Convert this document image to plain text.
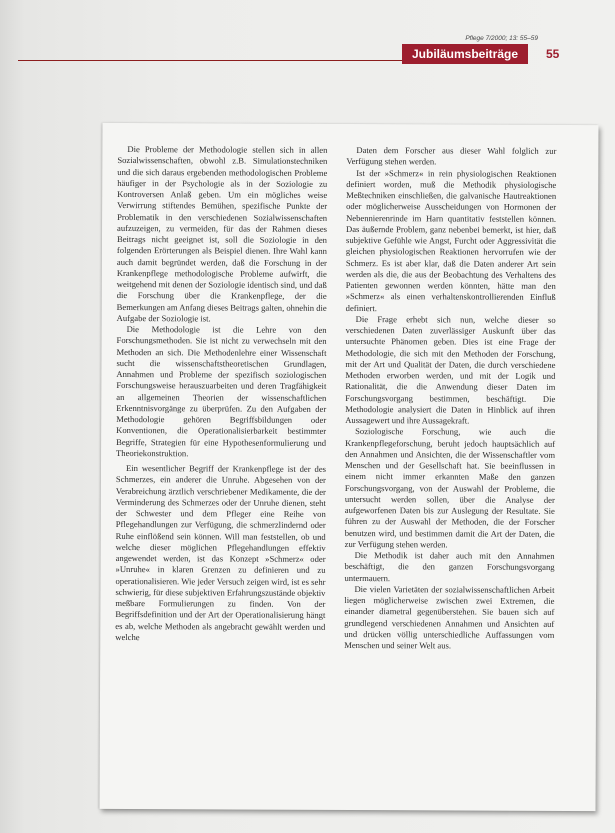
Pflege 7/2000; 13: 55–59
Jubiläumsbeiträge	55

Die Probleme der Methodologie stellen sich in allen Sozialwissenschaften, obwohl z.B. Simulationstechniken und die sich daraus ergebenden methodologischen Probleme häufiger in der Psychologie als in der Soziologie zu Kontroversen Anlaß geben. Um ein mögliches weise Verwirrung stiftendes Bemühen, spezifische Punkte der Problematik in den verschiedenen Sozialwissenschaften aufzuzeigen, zu vermeiden, für das der Rahmen dieses Beitrags nicht geeignet ist, soll die Soziologie in den folgenden Erörterungen als Beispiel dienen. Ihre Wahl kann auch damit begründet werden, daß die Forschung in der Krankenpflege methodologische Probleme aufwirft, die weitgehend mit denen der Soziologie identisch sind, und daß die Forschung über die Krankenpflege, der die Bemerkungen am Anfang dieses Beitrags galten, ohnehin die Aufgabe der Soziologie ist.

Die Methodologie ist die Lehre von den Forschungsmethoden. Sie ist nicht zu verwechseln mit den Methoden an sich. Die Methodenlehre einer Wissenschaft sucht die wissenschaftstheoretischen Grundlagen, Annahmen und Probleme der spezifisch soziologischen Forschungsweise herauszuarbeiten und deren Tragfähigkeit an allgemeinen Theorien der wissenschaftlichen Erkenntnisvorgänge zu überprüfen. Zu den Aufgaben der Methodologie gehören Begriffsbildungen oder Konventionen, die Operationalisierbarkeit bestimmter Begriffe, Strategien für eine Hypothesenformulierung und Theoriekonstruktion.

Ein wesentlicher Begriff der Krankenpflege ist der des Schmerzes, ein anderer die Unruhe. Abgesehen von der Verabreichung ärztlich verschriebener Medikamente, die der Verminderung des Schmerzes oder der Unruhe dienen, steht der Schwester und dem Pfleger eine Reihe von Pflegehandlungen zur Verfügung, die schmerzlindernd oder Ruhe einflößend sein können. Will man feststellen, ob und welche dieser möglichen Pflegehandlungen effektiv angewendet werden, ist das Konzept »Schmerz« oder »Unruhe« in klaren Grenzen zu definieren und zu operationalisieren. Wie jeder Versuch zeigen wird, ist es sehr schwierig, für diese subjektiven Erfahrungszustände objektiv meßbare Formulierungen zu finden. Von der Begriffsdefinition und der Art der Operationalisierung hängt es ab, welche Methoden als angebracht gewählt werden und welche

Daten dem Forscher aus dieser Wahl folglich zur Verfügung stehen werden.

Ist der »Schmerz« in rein physiologischen Reaktionen definiert worden, muß die Methodik physiologische Meßtechniken einschließen, die galvanische Hautreaktionen oder möglicherweise Ausscheidungen von Hormonen der Nebennierenrinde im Harn quantitativ feststellen können. Das äußernde Problem, ganz nebenbei bemerkt, ist hier, daß subjektive Gefühle wie Angst, Furcht oder Aggressivität die gleichen physiologischen Reaktionen hervorrufen wie der Schmerz. Es ist aber klar, daß die Daten anderer Art sein werden als die, die aus der Beobachtung des Verhaltens des Patienten gewonnen werden könnten, hätte man den »Schmerz« als einen verhaltenskontrollierenden Einfluß definiert.

Die Frage erhebt sich nun, welche dieser so verschiedenen Daten zuverlässiger Auskunft über das untersuchte Phänomen geben. Dies ist eine Frage der Methodologie, die sich mit den Methoden der Forschung, mit der Art und Qualität der Daten, die durch verschiedene Methoden erworben werden, und mit der Logik und Rationalität, die die Anwendung dieser Daten im Forschungsvorgang bestimmen, beschäftigt. Die Methodologie analysiert die Daten in Hinblick auf ihren Aussagewert und ihre Aussagekraft.

Soziologische Forschung, wie auch die Krankenpflegeforschung, beruht jedoch hauptsächlich auf den Annahmen und Ansichten, die der Wissenschaftler vom Menschen und der Gesellschaft hat. Sie beeinflussen in einem nicht immer erkannten Maße den ganzen Forschungsvorgang, von der Auswahl der Probleme, die untersucht werden sollen, über die Analyse der aufgeworfenen Daten bis zur Auslegung der Resultate. Sie führen zu der Auswahl der Methoden, die der Forscher benutzen wird, und bestimmen damit die Art der Daten, die zur Verfügung stehen werden.

Die Methodik ist daher auch mit den Annahmen beschäftigt, die den ganzen Forschungsvorgang untermauern.

Die vielen Varietäten der sozialwissenschaftlichen Arbeit liegen möglicherweise zwischen zwei Extremen, die einander diametral gegenüberstehen. Sie bauen sich auf grundlegend verschiedenen Annahmen und Ansichten auf und drücken völlig unterschiedliche Auffassungen vom Menschen und seiner Welt aus.
